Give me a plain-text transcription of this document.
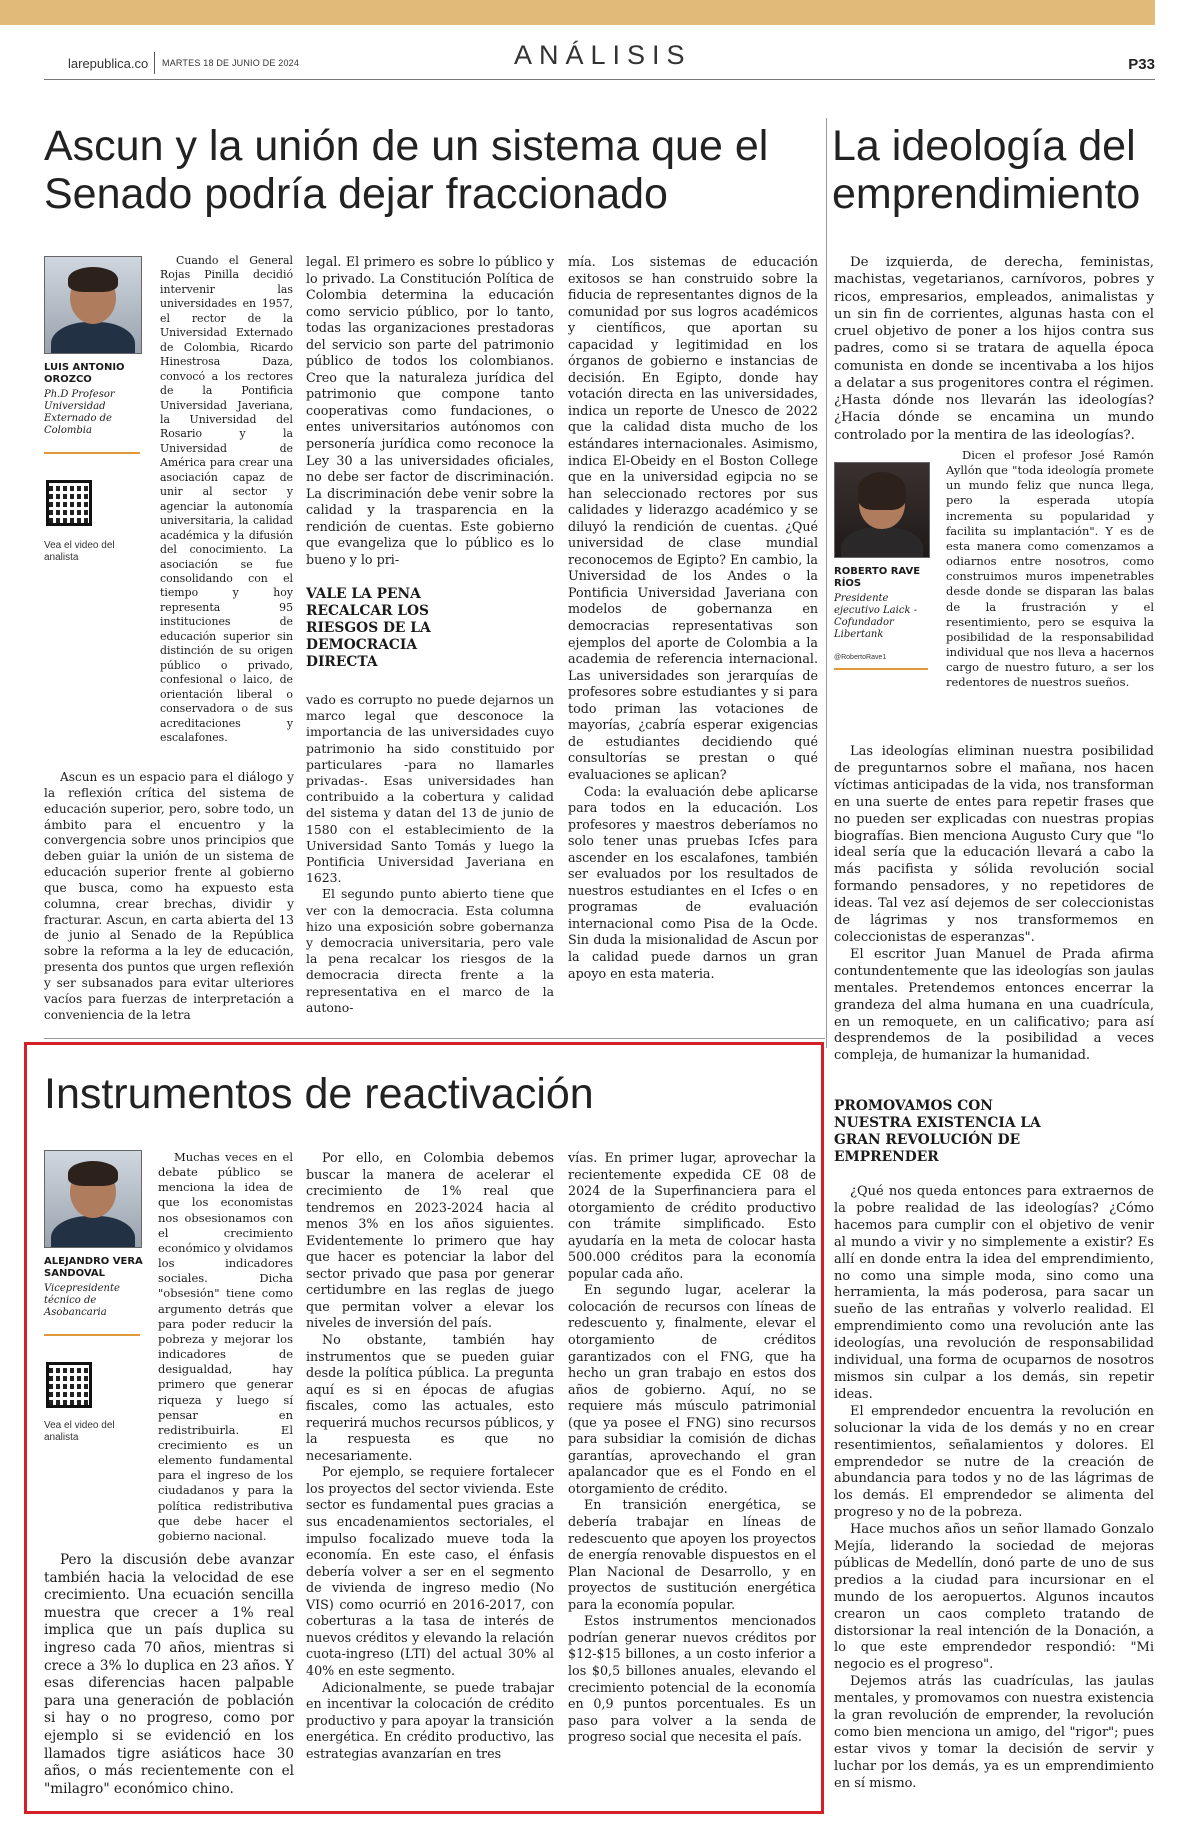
larepublica.co MARTES 18 DE JUNIO DE 2024	ANÁLISIS	P33
Ascun y la unión de un sistema que el Senado podría dejar fraccionado
LUIS ANTONIO OROZCO
Ph.D Profesor Universidad Externado de Colombia
Vea el video del analista

Cuando el General Rojas Pinilla decidió intervenir las universidades en 1957, el rector de la Universidad Externado de Colombia, Ricardo Hinestrosa Daza, convocó a los rectores de la Pontificia Universidad Javeriana, la Universidad del Rosario y la Universidad de América para crear una asociación capaz de unir al sector y agenciar la autonomía universitaria, la calidad académica y la difusión del conocimiento. La asociación se fue consolidando con el tiempo y hoy representa 95 instituciones de educación superior sin distinción de su origen público o privado, confesional o laico, de orientación liberal o conservadora o de sus acreditaciones y escalafones.

Ascun es un espacio para el diálogo y la reflexión crítica del sistema de educación superior, pero, sobre todo, un ámbito para el encuentro y la convergencia sobre unos principios que deben guiar la unión de un sistema de educación superior frente al gobierno que busca, como ha expuesto esta columna, crear brechas, dividir y fracturar. Ascun, en carta abierta del 13 de junio al Senado de la República sobre la reforma a la ley de educación, presenta dos puntos que urgen reflexión y ser subsanados para evitar ulteriores vacíos para fuerzas de interpretación a conveniencia de la letra

legal. El primero es sobre lo público y lo privado. La Constitución Política de Colombia determina la educación como servicio público, por lo tanto, todas las organizaciones prestadoras del servicio son parte del patrimonio público de todos los colombianos. Creo que la naturaleza jurídica del patrimonio que compone tanto cooperativas como fundaciones, o entes universitarios autónomos con personería jurídica como reconoce la Ley 30 a las universidades oficiales, no debe ser factor de discriminación. La discriminación debe venir sobre la calidad y la trasparencia en la rendición de cuentas. Este gobierno que evangeliza que lo público es lo bueno y lo pri-

VALE LA PENA RECALCAR LOS RIESGOS DE LA DEMOCRACIA DIRECTA

vado es corrupto no puede dejarnos un marco legal que desconoce la importancia de las universidades cuyo patrimonio ha sido constituido por particulares -para no llamarles privadas-. Esas universidades han contribuido a la cobertura y calidad del sistema y datan del 13 de junio de 1580 con el establecimiento de la Universidad Santo Tomás y luego la Pontificia Universidad Javeriana en 1623.

El segundo punto abierto tiene que ver con la democracia. Esta columna hizo una exposición sobre gobernanza y democracia universitaria, pero vale la pena recalcar los riesgos de la democracia directa frente a la representativa en el marco de la autono-

mía. Los sistemas de educación exitosos se han construido sobre la fiducia de representantes dignos de la comunidad por sus logros académicos y científicos, que aportan su capacidad y legitimidad en los órganos de gobierno e instancias de decisión. En Egipto, donde hay votación directa en las universidades, indica un reporte de Unesco de 2022 que la calidad dista mucho de los estándares internacionales. Asimismo, indica El-Obeidy en el Boston College que en la universidad egipcia no se han seleccionado rectores por sus calidades y liderazgo académico y se diluyó la rendición de cuentas. ¿Qué universidad de clase mundial reconocemos de Egipto? En cambio, la Universidad de los Andes o la Pontificia Universidad Javeriana con modelos de gobernanza en democracias representativas son ejemplos del aporte de Colombia a la academia de referencia internacional. Las universidades son jerarquías de profesores sobre estudiantes y si para todo priman las votaciones de mayorías, ¿cabría esperar exigencias de estudiantes decidiendo qué consultorías se prestan o qué evaluaciones se aplican?

Coda: la evaluación debe aplicarse para todos en la educación. Los profesores y maestros deberíamos no solo tener unas pruebas Icfes para ascender en los escalafones, también ser evaluados por los resultados de nuestros estudiantes en el Icfes o en programas de evaluación internacional como Pisa de la Ocde. Sin duda la misionalidad de Ascun por la calidad puede darnos un gran apoyo en esta materia.

La ideología del emprendimiento

De izquierda, de derecha, feministas, machistas, vegetarianos, carnívoros, pobres y ricos, empresarios, empleados, animalistas y un sin fin de corrientes, algunas hasta con el cruel objetivo de poner a los hijos contra sus padres, como si se tratara de aquella época comunista en donde se incentivaba a los hijos a delatar a sus progenitores contra el régimen. ¿Hasta dónde nos llevarán las ideologías? ¿Hacia dónde se encamina un mundo controlado por la mentira de las ideologías?.

ROBERTO RAVE RÍOS
Presidente ejecutivo Laick - Cofundador Libertank
@RobertoRave1

Dicen el profesor José Ramón Ayllón que "toda ideología promete un mundo feliz que nunca llega, pero la esperada utopía incrementa su popularidad y facilita su implantación". Y es de esta manera como comenzamos a odiarnos entre nosotros, como construimos muros impenetrables desde donde se disparan las balas de la frustración y el resentimiento, pero se esquiva la posibilidad de la responsabilidad individual que nos lleva a hacernos cargo de nuestro futuro, a ser los redentores de nuestros sueños.

Las ideologías eliminan nuestra posibilidad de preguntarnos sobre el mañana, nos hacen víctimas anticipadas de la vida, nos transforman en una suerte de entes para repetir frases que no pueden ser explicadas con nuestras propias biografías. Bien menciona Augusto Cury que "lo ideal sería que la educación llevará a cabo la más pacifista y sólida revolución social formando pensadores, y no repetidores de ideas. Tal vez así dejemos de ser coleccionistas de lágrimas y nos transformemos en coleccionistas de esperanzas".

El escritor Juan Manuel de Prada afirma contundentemente que las ideologías son jaulas mentales. Pretendemos entonces encerrar la grandeza del alma humana en una cuadrícula, en un remoquete, en un calificativo; para así desprendemos de la posibilidad a veces compleja, de humanizar la humanidad.

PROMOVAMOS CON NUESTRA EXISTENCIA LA GRAN REVOLUCIÓN DE EMPRENDER

¿Qué nos queda entonces para extraernos de la pobre realidad de las ideologías? ¿Cómo hacemos para cumplir con el objetivo de venir al mundo a vivir y no simplemente a existir? Es allí en donde entra la idea del emprendimiento, no como una simple moda, sino como una herramienta, la más poderosa, para sacar un sueño de las entrañas y volverlo realidad. El emprendimiento como una revolución ante las ideologías, una revolución de responsabilidad individual, una forma de ocuparnos de nosotros mismos sin culpar a los demás, sin repetir ideas.

El emprendedor encuentra la revolución en solucionar la vida de los demás y no en crear resentimientos, señalamientos y dolores. El emprendedor se nutre de la creación de abundancia para todos y no de las lágrimas de los demás. El emprendedor se alimenta del progreso y no de la pobreza.

Hace muchos años un señor llamado Gonzalo Mejía, liderando la sociedad de mejoras públicas de Medellín, donó parte de uno de sus predios a la ciudad para incursionar en el mundo de los aeropuertos. Algunos incautos crearon un caos completo tratando de distorsionar la real intención de la Donación, a lo que este emprendedor respondió: "Mi negocio es el progreso".

Dejemos atrás las cuadrículas, las jaulas mentales, y promovamos con nuestra existencia la gran revolución de emprender, la revolución como bien menciona un amigo, del "rigor"; pues estar vivos y tomar la decisión de servir y luchar por los demás, ya es un emprendimiento en sí mismo.

Instrumentos de reactivación
ALEJANDRO VERA SANDOVAL
Vicepresidente técnico de Asobancaria
Vea el video del analista

Muchas veces en el debate público se menciona la idea de que los economistas nos obsesionamos con el crecimiento económico y olvidamos los indicadores sociales. Dicha "obsesión" tiene como argumento detrás que para poder reducir la pobreza y mejorar los indicadores de desigualdad, hay primero que generar riqueza y luego sí pensar en redistribuirla. El crecimiento es un elemento fundamental para el ingreso de los ciudadanos y para la política redistributiva que debe hacer el gobierno nacional.

Pero la discusión debe avanzar también hacia la velocidad de ese crecimiento. Una ecuación sencilla muestra que crecer a 1% real implica que un país duplica su ingreso cada 70 años, mientras si crece a 3% lo duplica en 23 años. Y esas diferencias hacen palpable para una generación de población si hay o no progreso, como por ejemplo si se evidenció en los llamados tigre asiáticos hace 30 años, o más recientemente con el "milagro" económico chino.

Por ello, en Colombia debemos buscar la manera de acelerar el crecimiento de 1% real que tendremos en 2023-2024 hacia al menos 3% en los años siguientes. Evidentemente lo primero que hay que hacer es potenciar la labor del sector privado que pasa por generar certidumbre en las reglas de juego que permitan volver a elevar los niveles de inversión del país.

No obstante, también hay instrumentos que se pueden guiar desde la política pública. La pregunta aquí es si en épocas de afugias fiscales, como las actuales, esto requerirá muchos recursos públicos, y la respuesta es que no necesariamente.

Por ejemplo, se requiere fortalecer los proyectos del sector vivienda. Este sector es fundamental pues gracias a sus encadenamientos sectoriales, el impulso focalizado mueve toda la economía. En este caso, el énfasis debería volver a ser en el segmento de vivienda de ingreso medio (No VIS) como ocurrió en 2016-2017, con coberturas a la tasa de interés de nuevos créditos y elevando la relación cuota-ingreso (LTI) del actual 30% al 40% en este segmento.

Adicionalmente, se puede trabajar en incentivar la colocación de crédito productivo y para apoyar la transición energética. En crédito productivo, las estrategias avanzarían en tres

vías. En primer lugar, aprovechar la recientemente expedida CE 08 de 2024 de la Superfinanciera para el otorgamiento de crédito productivo con trámite simplificado. Esto ayudaría en la meta de colocar hasta 500.000 créditos para la economía popular cada año.

En segundo lugar, acelerar la colocación de recursos con líneas de redescuento y, finalmente, elevar el otorgamiento de créditos garantizados con el FNG, que ha hecho un gran trabajo en estos dos años de gobierno. Aquí, no se requiere más músculo patrimonial (que ya posee el FNG) sino recursos para subsidiar la comisión de dichas garantías, aprovechando el gran apalancador que es el Fondo en el otorgamiento de crédito.

En transición energética, se debería trabajar en líneas de redescuento que apoyen los proyectos de energía renovable dispuestos en el Plan Nacional de Desarrollo, y en proyectos de sustitución energética para la economía popular.

Estos instrumentos mencionados podrían generar nuevos créditos por $12-$15 billones, a un costo inferior a los $0,5 billones anuales, elevando el crecimiento potencial de la economía en 0,9 puntos porcentuales. Es un paso para volver a la senda de progreso social que necesita el país.
